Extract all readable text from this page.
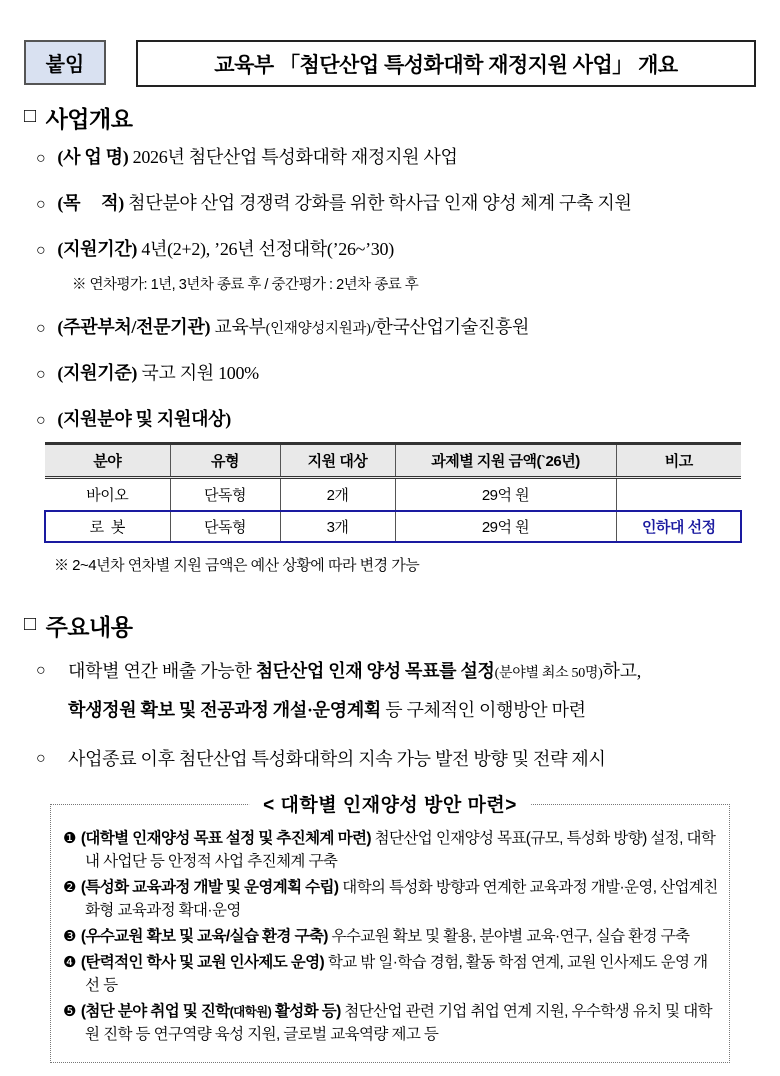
붙임	교육부 「첨단산업 특성화대학 재정지원 사업」 개요
□ 사업개요
○ (사 업 명) 2026년 첨단산업 특성화대학 재정지원 사업
○ (목     적) 첨단분야 산업 경쟁력 강화를 위한 학사급 인재 양성 체계 구축 지원
○ (지원기간) 4년(2+2), ’26년 선정대학(’26~’30)
※ 연차평가: 1년, 3년차 종료 후 / 중간평가 : 2년차 종료 후
○ (주관부처/전문기관) 교육부(인재양성지원과)/한국산업기술진흥원
○ (지원기준) 국고 지원 100%
○ (지원분야 및 지원대상)
분야	유형	지원 대상	과제별 지원 금액(`26년)	비고
바이오	단독형	2개	29억 원	
로  봇	단독형	3개	29억 원	인하대 선정
※ 2~4년차 연차별 지원 금액은 예산 상황에 따라 변경 가능
□ 주요내용
○	대학별 연간 배출 가능한 첨단산업 인재 양성 목표를 설정(분야별 최소 50명)하고,
학생정원 확보 및 전공과정 개설·운영계획 등 구체적인 이행방안 마련
○	사업종료 이후 첨단산업 특성화대학의 지속 가능 발전 방향 및 전략 제시
< 대학별 인재양성 방안 마련>
❶ (대학별 인재양성 목표 설정 및 추진체계 마련) 첨단산업 인재양성 목표(규모, 특성화 방향) 설정, 대학 내 사업단 등 안정적 사업 추진체계 구축
❷ (특성화 교육과정 개발 및 운영계획 수립) 대학의 특성화 방향과 연계한 교육과정 개발·운영, 산업계친화형 교육과정 확대·운영
❸ (우수교원 확보 및 교육/실습 환경 구축) 우수교원 확보 및 활용, 분야별 교육·연구, 실습 환경 구축
❹ (탄력적인 학사 및 교원 인사제도 운영) 학교 밖 일·학습 경험, 활동 학점 연계, 교원 인사제도 운영 개선 등
❺ (첨단 분야 취업 및 진학(대학원) 활성화 등) 첨단산업 관련 기업 취업 연계 지원, 우수학생 유치 및 대학원 진학 등 연구역량 육성 지원, 글로벌 교육역량 제고 등
